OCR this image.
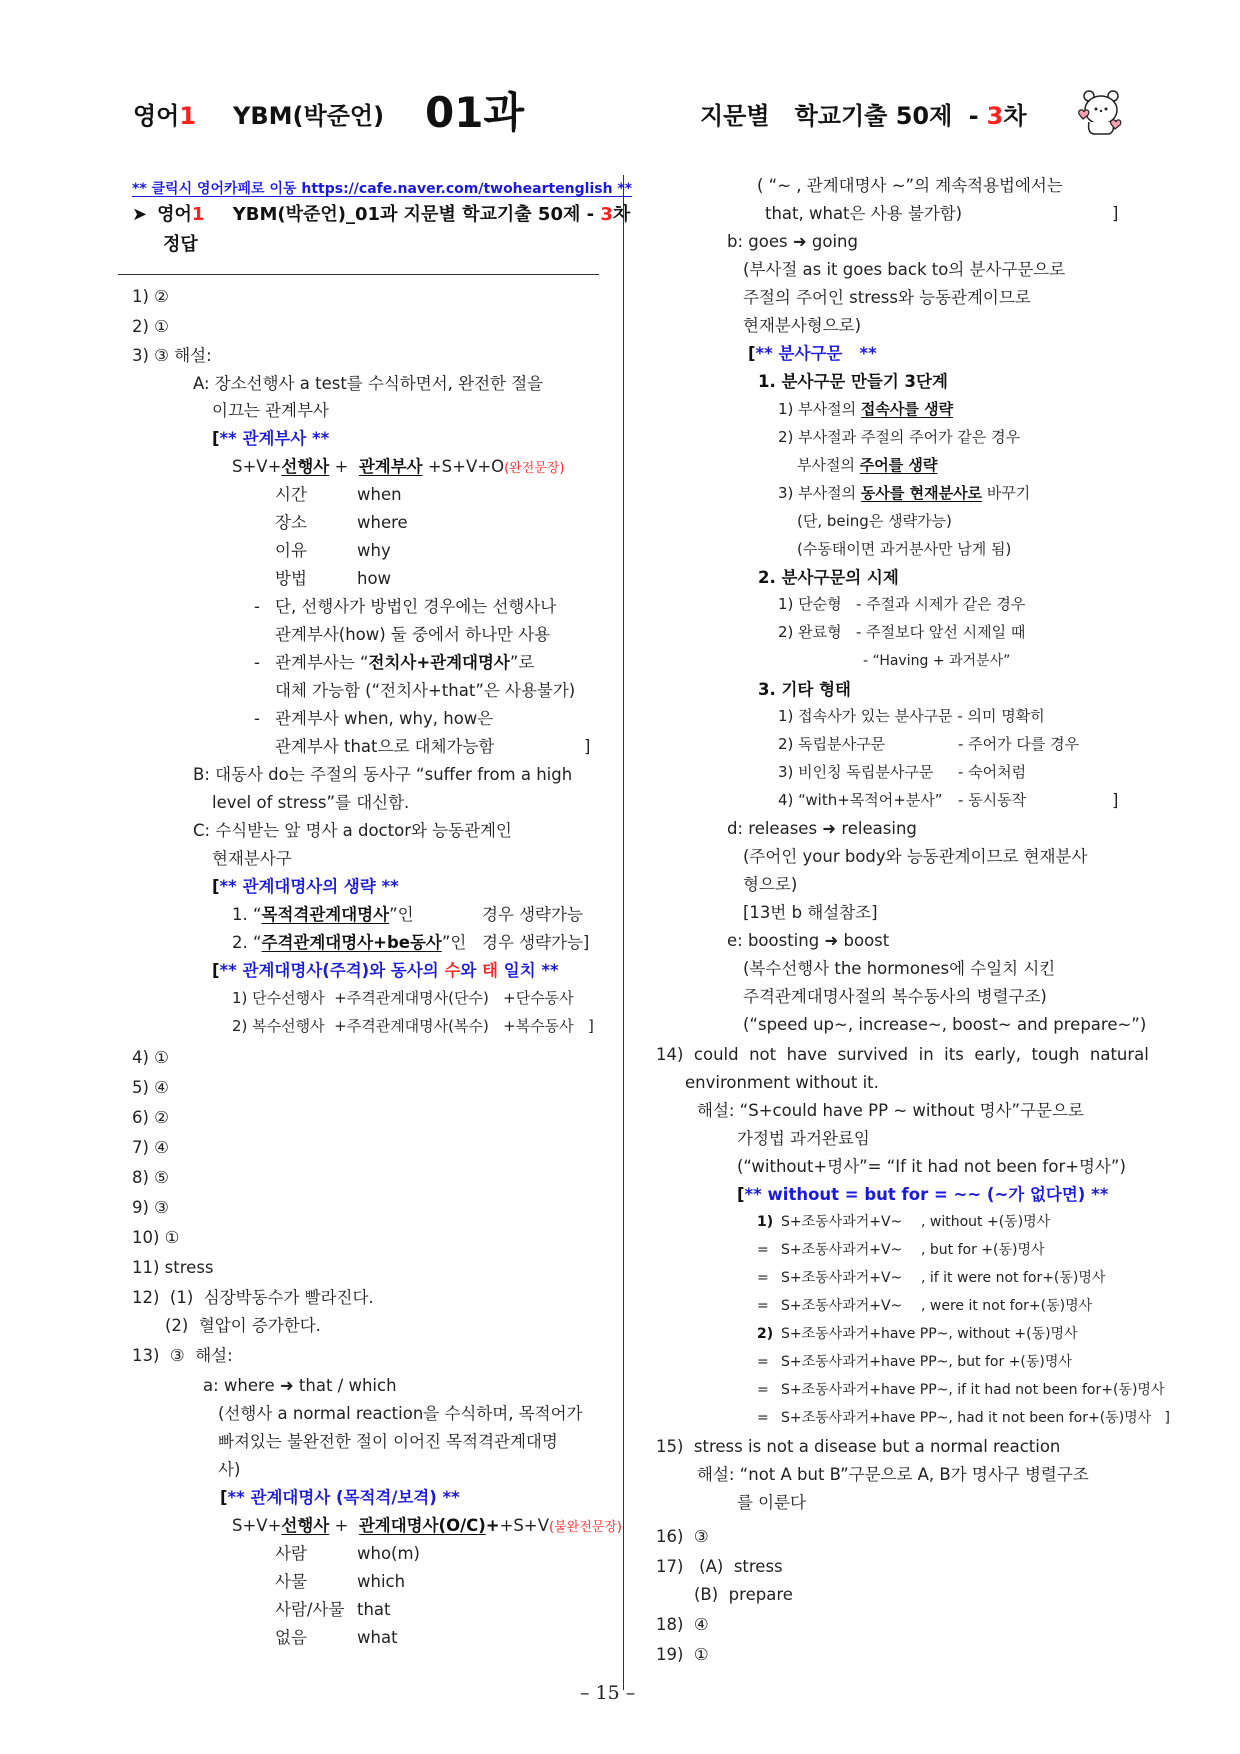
영어1 YBM(박준언) 01과	지문별   학교기출 50제 - 3차
** 클릭시 영어카페로 이동 https://cafe.naver.com/twoheartenglish **
➤ 영어1 YBM(박준언)_01과 지문별 학교기출 50제 - 3차
정답
1) ②
2) ①
3) ③ 해설:
A: 장소선행사 a test를 수식하면서, 완전한 절을
이끄는 관계부사
[** 관계부사 **
S+V+선행사 +  관계부사 +S+V+O(완전문장)
시간	when
장소	where
이유	why
방법	how
- 단, 선행사가 방법인 경우에는 선행사나
관계부사(how) 둘 중에서 하나만 사용
- 관계부사는 “전치사+관계대명사”로
대체 가능함 (“전치사+that”은 사용불가)
- 관계부사 when, why, how은
관계부사 that으로 대체가능함	]
B: 대동사 do는 주절의 동사구 “suffer from a high
level of stress”를 대신함.
C: 수식받는 앞 명사 a doctor와 능동관계인
현재분사구
[** 관계대명사의 생략 **
1. “목적격관계대명사”인	경우 생략가능
2. “주격관계대명사+be동사”인 경우 생략가능]
[** 관계대명사(주격)와 동사의 수와 태 일치 **
1) 단수선행사  +주격관계대명사(단수)   +단수동사
2) 복수선행사  +주격관계대명사(복수)   +복수동사   ]
4) ①
5) ④
6) ②
7) ④
8) ⑤
9) ③
10) ①
11) stress
12)  (1)  심장박동수가 빨라진다.
(2)  혈압이 증가한다.
13)  ③  해설:
a: where ➜ that / which
(선행사 a normal reaction을 수식하며, 목적어가
빠져있는 불완전한 절이 이어진 목적격관계대명
사)
[** 관계대명사 (목적격/보격) **
S+V+선행사 +  관계대명사(O/C)++S+V(불완전문장)
사람	who(m)
사물	which
사람/사물 that
없음	what
( “~ , 관계대명사 ~”의 계속적용법에서는
that, what은 사용 불가함)	]
b: goes ➜ going
(부사절 as it goes back to의 분사구문으로
주절의 주어인 stress와 능동관계이므로
현재분사형으로)
[** 분사구문   **
1. 분사구문 만들기 3단계
1) 부사절의 접속사를 생략
2) 부사절과 주절의 주어가 같은 경우
부사절의 주어를 생략
3) 부사절의 동사를 현재분사로 바꾸기
(단, being은 생략가능)
(수동태이면 과거분사만 남게 됨)
2. 분사구문의 시제
1) 단순형   - 주절과 시제가 같은 경우
2) 완료형   - 주절보다 앞선 시제일 때
- “Having + 과거분사”
3. 기타 형태
1) 접속사가 있는 분사구문 - 의미 명확히
2) 독립분사구문	- 주어가 다를 경우
3) 비인칭 독립분사구문 - 숙어처럼
4) “with+목적어+분사” - 동시동작	]
d: releases ➜ releasing
(주어인 your body와 능동관계이므로 현재분사
형으로)
[13번 b 해설참조]
e: boosting ➜ boost
(복수선행사 the hormones에 수일치 시킨
주격관계대명사절의 복수동사의 병렬구조)
(“speed up~, increase~, boost~ and prepare~”)
14)  could  not  have  survived  in  its  early,  tough  natural
environment without it.
해설: “S+could have PP ~ without 명사”구문으로
가정법 과거완료임
(“without+명사”= “If it had not been for+명사”)
[** without = but for = ~~ (~가 없다면) **
1) S+조동사과거+V~ , without +(동)명사
= S+조동사과거+V~ , but for +(동)명사
= S+조동사과거+V~ , if it were not for+(동)명사
= S+조동사과거+V~ , were it not for+(동)명사
2) S+조동사과거+have PP~, without +(동)명사
= S+조동사과거+have PP~, but for +(동)명사
= S+조동사과거+have PP~, if it had not been for+(동)명사
= S+조동사과거+have PP~, had it not been for+(동)명사   ]
15)  stress is not a disease but a normal reaction
해설: “not A but B”구문으로 A, B가 명사구 병렬구조
를 이룬다
16)  ③
17)   (A)  stress
(B)  prepare
18)  ④
19)  ①
– 15 –
